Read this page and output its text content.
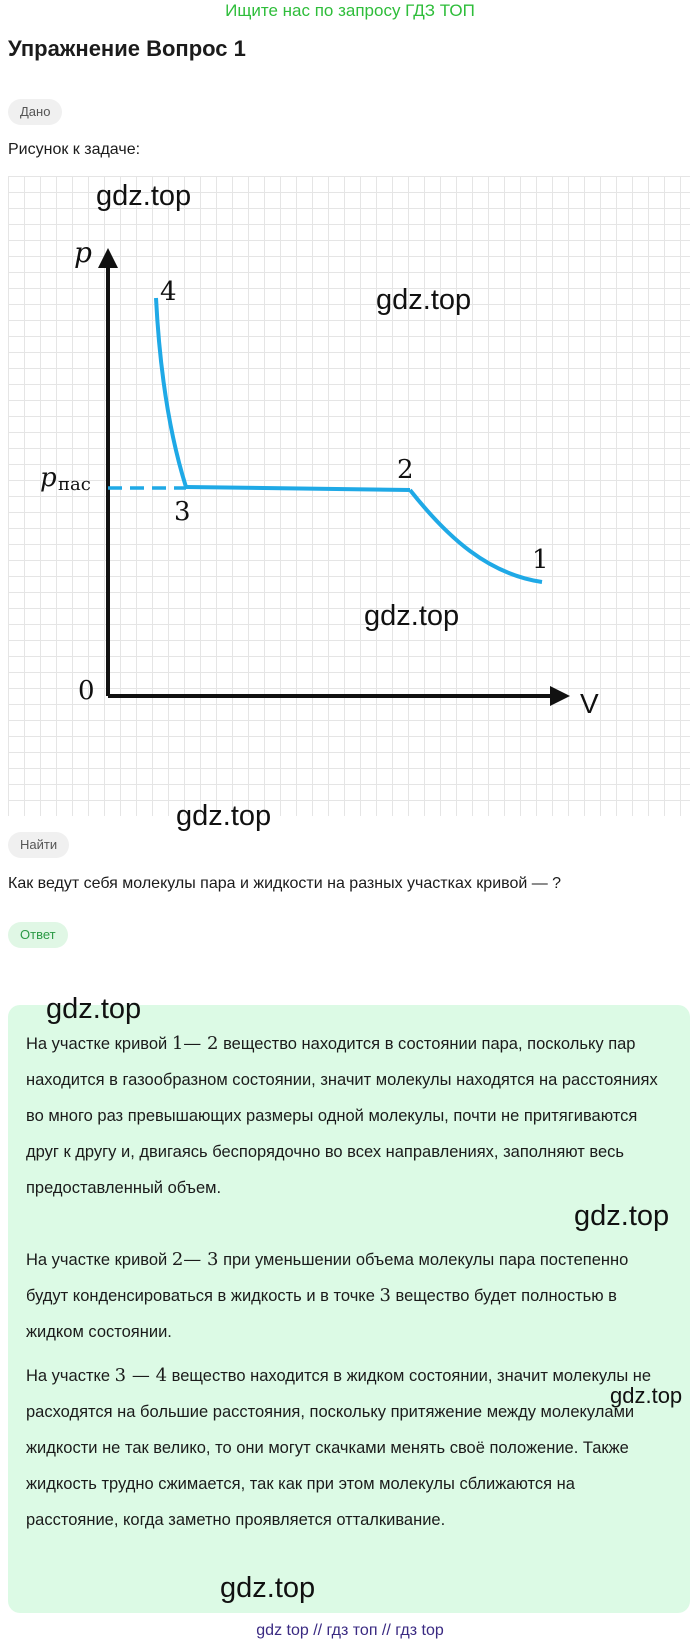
Ищите нас по запросу ГДЗ ТОП
Упражнение Вопрос 1
Дано
Рисунок к задаче:
p
V
0
p пас
4
3
2
1
Найти
Как ведут себя молекулы пара и жидкости на разных участках кривой — ?
Ответ
На участке кривой 1— 2 вещество находится в состоянии пара, поскольку пар находится в газообразном состоянии, значит молекулы находятся на расстояниях во много раз превышающих размеры одной молекулы, почти не притягиваются друг к другу и, двигаясь беспорядочно во всех направлениях, заполняют весь предоставленный объем.
На участке кривой 2— 3 при уменьшении объема молекулы пара постепенно будут конденсироваться в жидкость и в точке 3 вещество будет полностью в жидком состоянии.
На участке 3 — 4 вещество находится в жидком состоянии, значит молекулы не расходятся на большие расстояния, поскольку притяжение между молекулами жидкости не так велико, то они могут скачками менять своё положение. Также жидкость трудно сжимается, так как при этом молекулы сближаются на расстояние, когда заметно проявляется отталкивание.
gdz.top
gdz.top
gdz.top
gdz.top
gdz.top
gdz.top
gdz.top
gdz.top
gdz top // гдз топ // гдз top
